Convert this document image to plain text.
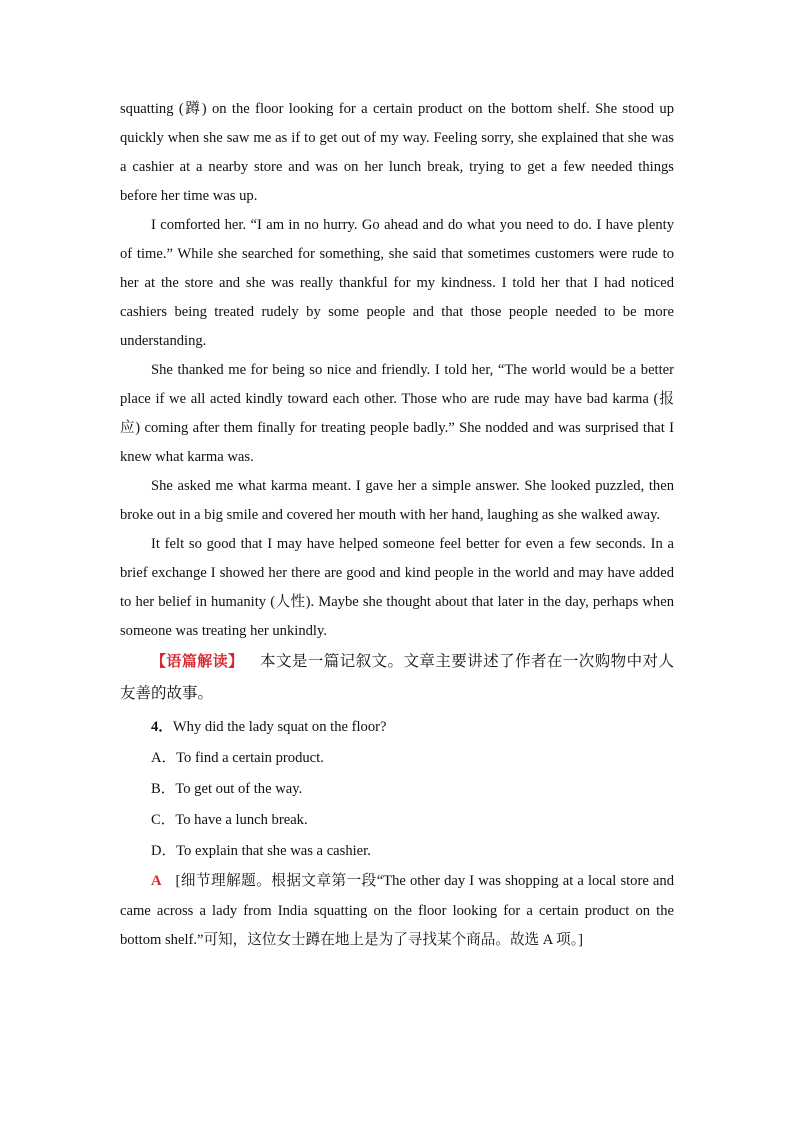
squatting (蹲) on the floor looking for a certain product on the bottom shelf. She stood up quickly when she saw me as if to get out of my way. Feeling sorry, she explained that she was a cashier at a nearby store and was on her lunch break, trying to get a few needed things before her time was up.

I comforted her. “I am in no hurry. Go ahead and do what you need to do. I have plenty of time.” While she searched for something, she said that sometimes customers were rude to her at the store and she was really thankful for my kindness. I told her that I had noticed cashiers being treated rudely by some people and that those people needed to be more understanding.

She thanked me for being so nice and friendly. I told her, “The world would be a better place if we all acted kindly toward each other. Those who are rude may have bad karma (报应) coming after them finally for treating people badly.” She nodded and was surprised that I knew what karma was.

She asked me what karma meant. I gave her a simple answer. She looked puzzled, then broke out in a big smile and covered her mouth with her hand, laughing as she walked away.

It felt so good that I may have helped someone feel better for even a few seconds. In a brief exchange I showed her there are good and kind people in the world and may have added to her belief in humanity (人性). Maybe she thought about that later in the day, perhaps when someone was treating her unkindly.

【语篇解读】 本文是一篇记叙文。文章主要讲述了作者在一次购物中对人友善的故事。

4．Why did the lady squat on the floor?

A．To find a certain product.

B．To get out of the way.

C．To have a lunch break.

D．To explain that she was a cashier.

A [细节理解题。根据文章第一段“The other day I was shopping at a local store and came across a lady from India squatting on the floor looking for a certain product on the bottom shelf.”可知，这位女士蹲在地上是为了寻找某个商品。故选 A 项。]
